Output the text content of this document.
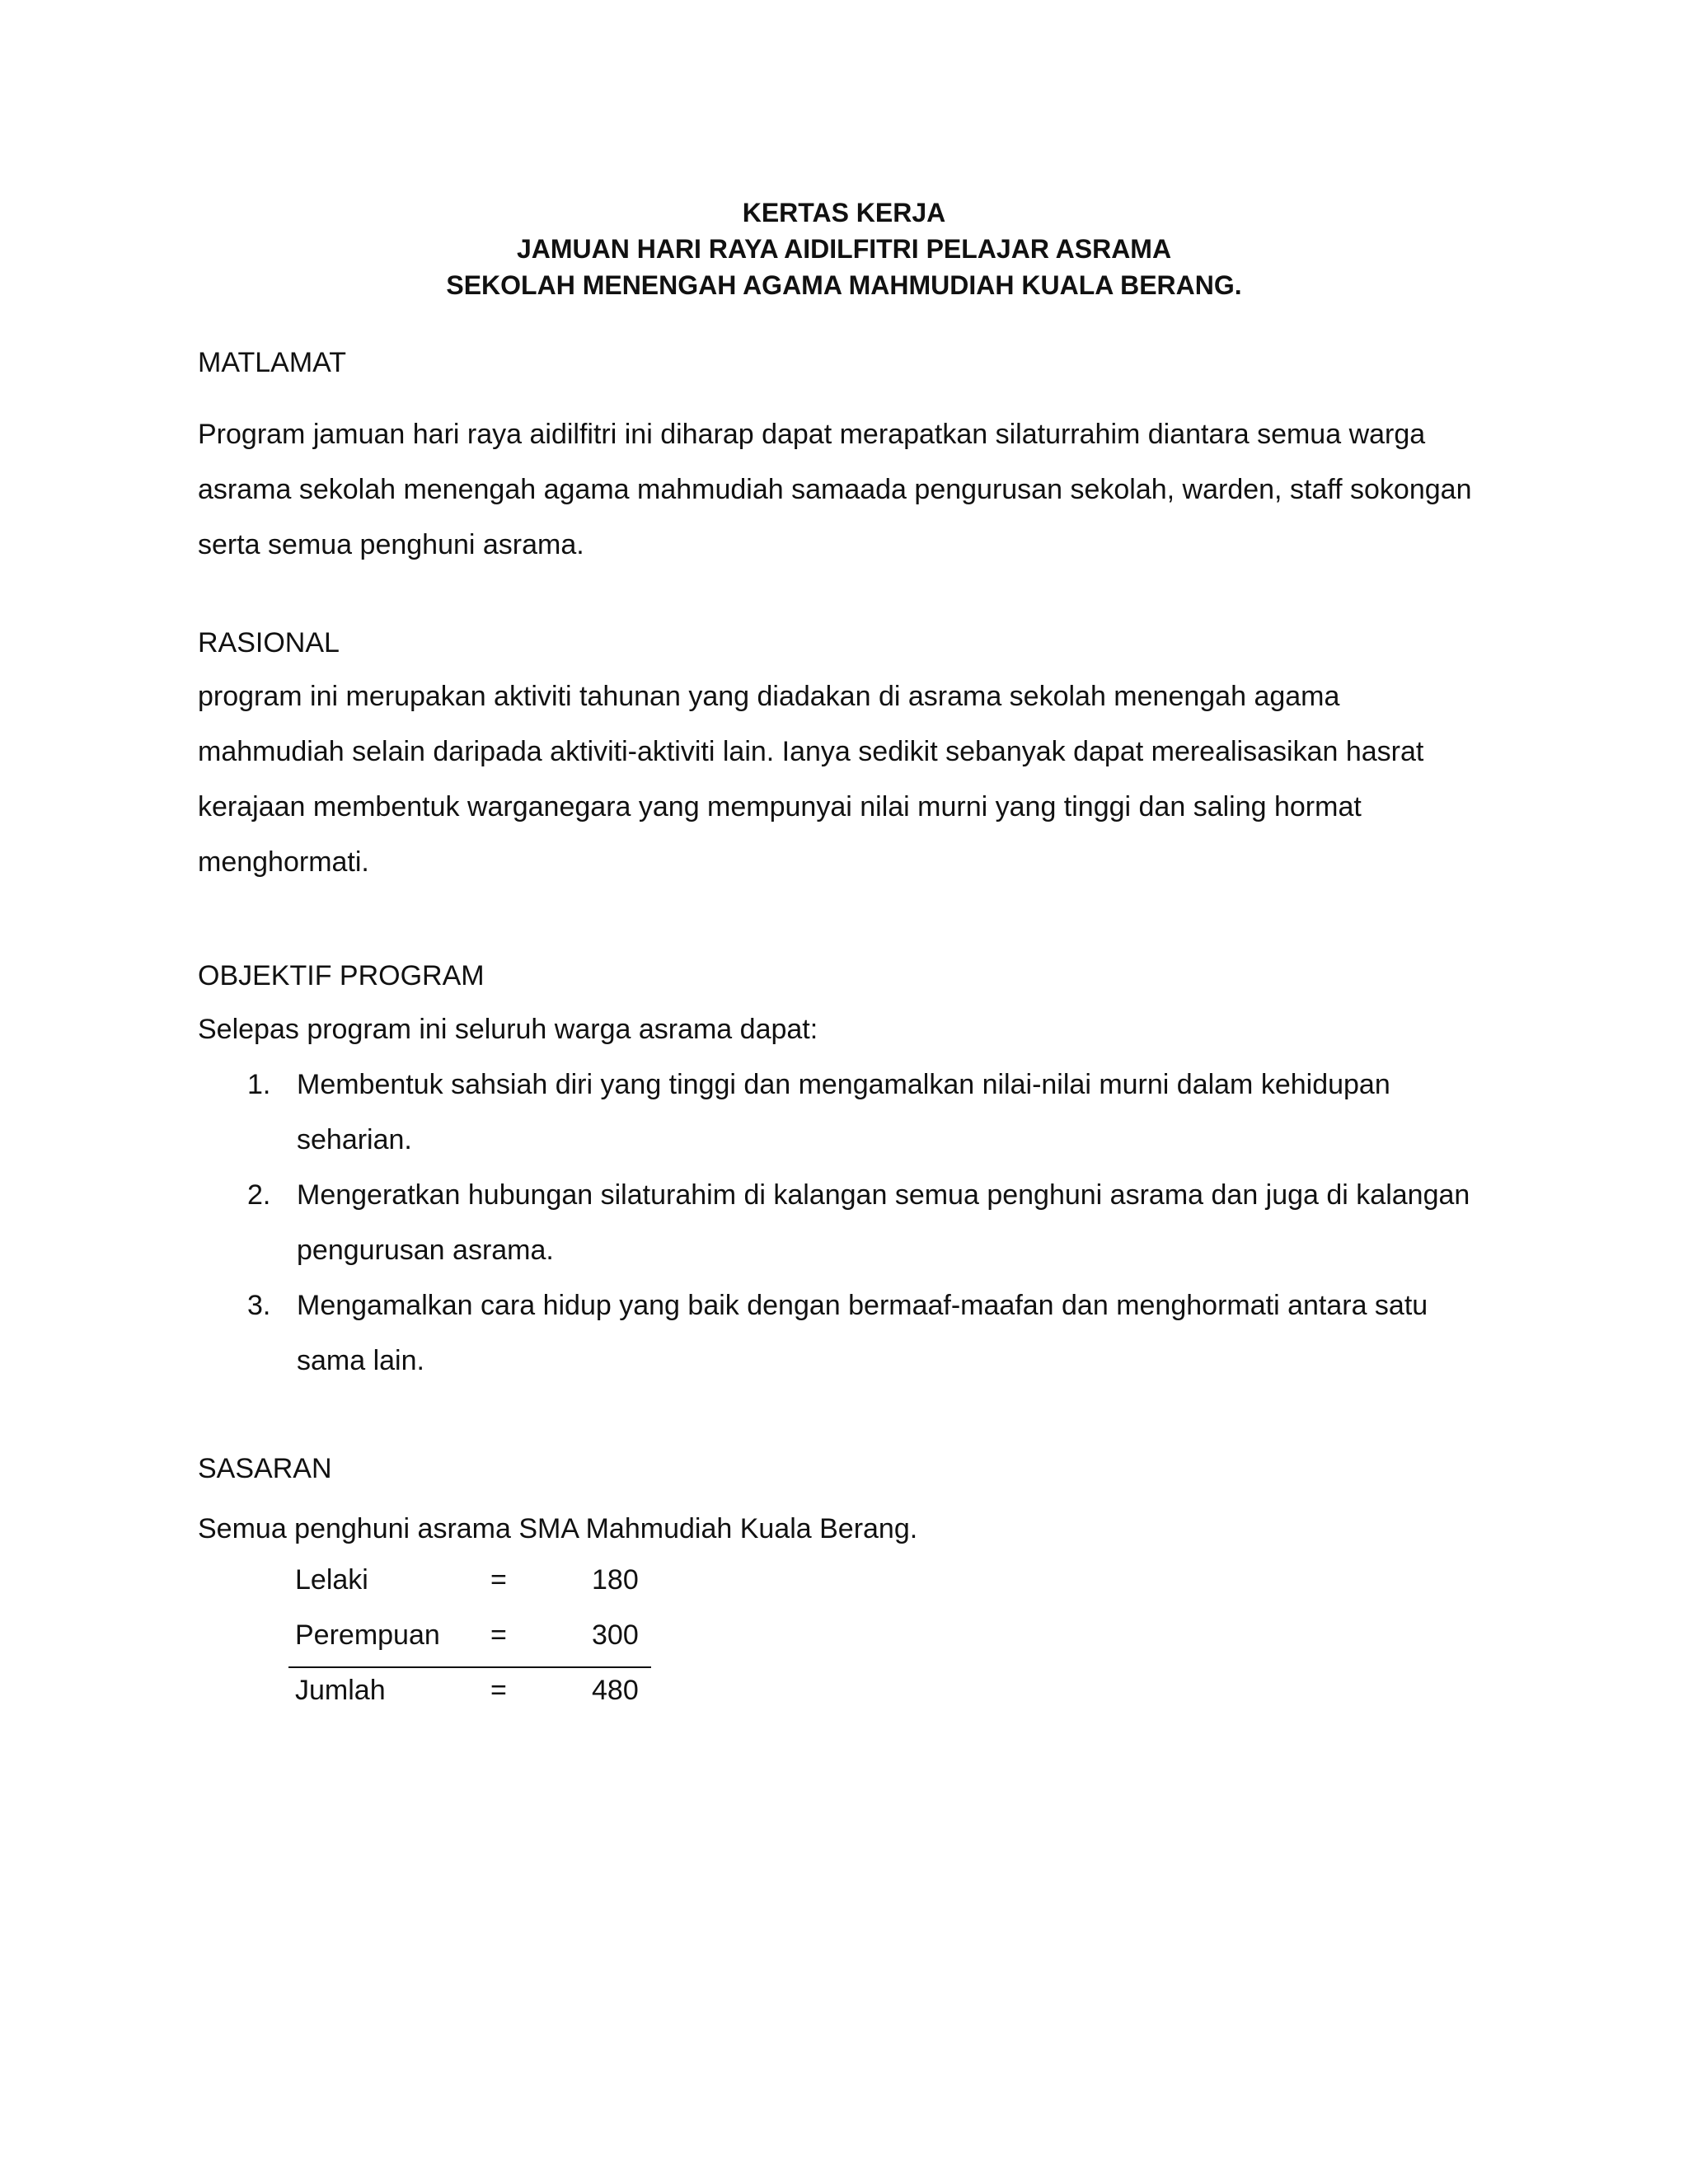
KERTAS KERJA
JAMUAN HARI RAYA AIDILFITRI PELAJAR ASRAMA
SEKOLAH MENENGAH AGAMA MAHMUDIAH KUALA BERANG.
MATLAMAT

Program jamuan hari raya aidilfitri ini diharap dapat merapatkan silaturrahim diantara semua warga
asrama sekolah menengah agama mahmudiah samaada pengurusan sekolah, warden, staff sokongan
serta semua penghuni asrama.

RASIONAL

program ini merupakan aktiviti tahunan yang diadakan di asrama sekolah menengah agama
mahmudiah selain daripada aktiviti-aktiviti lain. Ianya sedikit sebanyak dapat merealisasikan hasrat
kerajaan membentuk warganegara yang mempunyai nilai murni yang tinggi dan saling hormat
menghormati.

OBJEKTIF PROGRAM

Selepas program ini seluruh warga asrama dapat:

1. Membentuk sahsiah diri yang tinggi dan mengamalkan nilai-nilai murni dalam kehidupan
seharian.
2. Mengeratkan hubungan silaturahim di kalangan semua penghuni asrama dan juga di kalangan
pengurusan asrama.
3. Mengamalkan cara hidup yang baik dengan bermaaf-maafan dan menghormati antara satu
sama lain.
SASARAN

Semua penghuni asrama SMA Mahmudiah Kuala Berang.

Lelaki	=	180
Perempuan =	300
Jumlah	=	480
